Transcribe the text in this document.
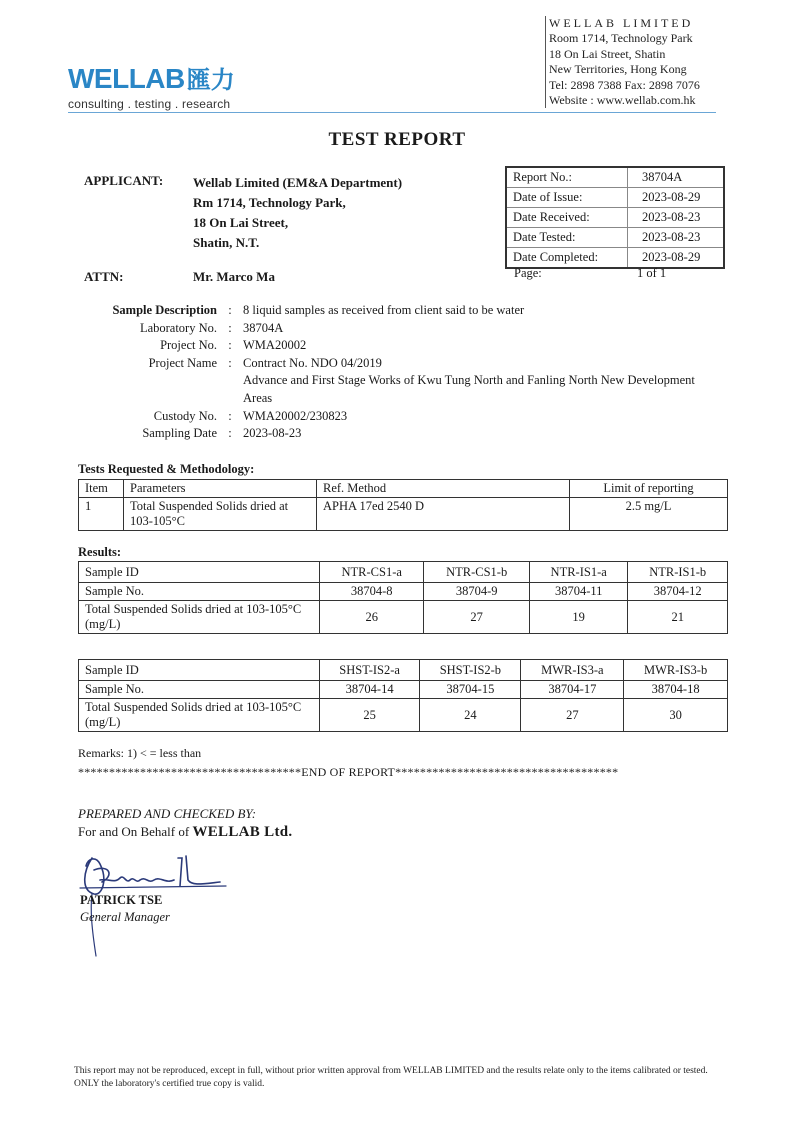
WELLAB匯力
consulting . testing . research
WELLAB LIMITED
Room 1714, Technology Park
18 On Lai Street, Shatin
New Territories, Hong Kong
Tel: 2898 7388 Fax: 2898 7076
Website : www.wellab.com.hk
TEST REPORT
APPLICANT: Wellab Limited (EM&A Department)
Rm 1714, Technology Park,
18 On Lai Street,
Shatin, N.T.
ATTN:	Mr. Marco Ma
Report No.:	38704A
Date of Issue:	2023-08-29
Date Received:	2023-08-23
Date Tested:	2023-08-23
Date Completed:	2023-08-29
Page:	1 of 1
Sample Description	:	8 liquid samples as received from client said to be water
Laboratory No.	:	38704A
Project No.	:	WMA20002
Project Name	:	Contract No. NDO 04/2019
Advance and First Stage Works of Kwu Tung North and Fanling North New Development Areas

Custody No.	:	WMA20002/230823
Sampling Date	:	2023-08-23
Tests Requested & Methodology:
Item	Parameters	Ref. Method	Limit of reporting
1	Total Suspended Solids dried at 103-105°C	APHA 17ed 2540 D	2.5 mg/L
Results:
Sample ID	NTR-CS1-a	NTR-CS1-b	NTR-IS1-a	NTR-IS1-b
Sample No.	38704-8	38704-9	38704-11	38704-12
Total Suspended Solids dried at 103-105°C (mg/L)	26	27	19	21
Sample ID	SHST-IS2-a	SHST-IS2-b	MWR-IS3-a	MWR-IS3-b
Sample No.	38704-14	38704-15	38704-17	38704-18
Total Suspended Solids dried at 103-105°C (mg/L)	25	24	27	30
Remarks: 1) < = less than
************************************END OF REPORT************************************
PREPARED AND CHECKED BY:
For and On Behalf of WELLAB Ltd.
PATRICK TSE
General Manager
This report may not be reproduced, except in full, without prior written approval from WELLAB LIMITED and the results relate only to the items calibrated or tested. ONLY the laboratory's certified true copy is valid.
